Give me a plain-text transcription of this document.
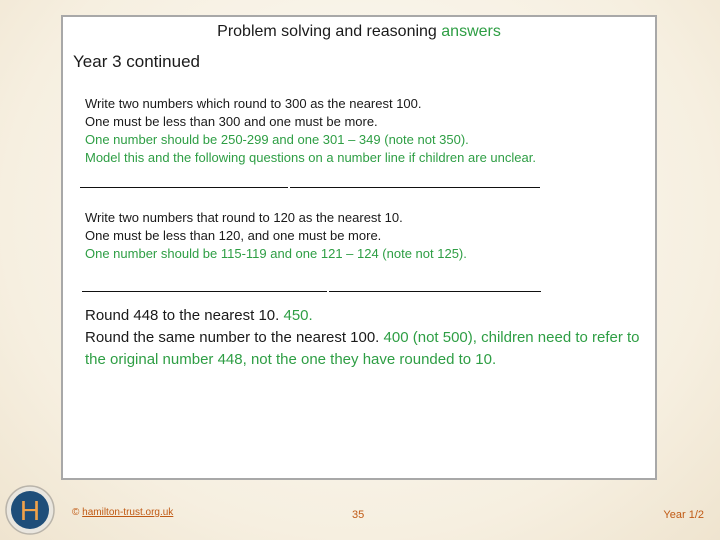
Problem solving and reasoning answers
Year 3 continued

Write two numbers which round to 300 as the nearest 100.

One must be less than 300 and one must be more.

One number should be 250-299 and one 301 – 349 (note not 350).

Model this and the following questions on a number line if children are unclear.

Write two numbers that round to 120 as the nearest 10.

One must be less than 120, and one must be more.

One number should be 115-119 and one 121 – 124 (note not 125).

Round 448 to the nearest 10. 450.

Round the same number to the nearest 100. 400 (not 500), children need to refer to the original number 448, not the one they have rounded to 10.

H	© hamilton-trust.org.uk	35	Year 1/2
